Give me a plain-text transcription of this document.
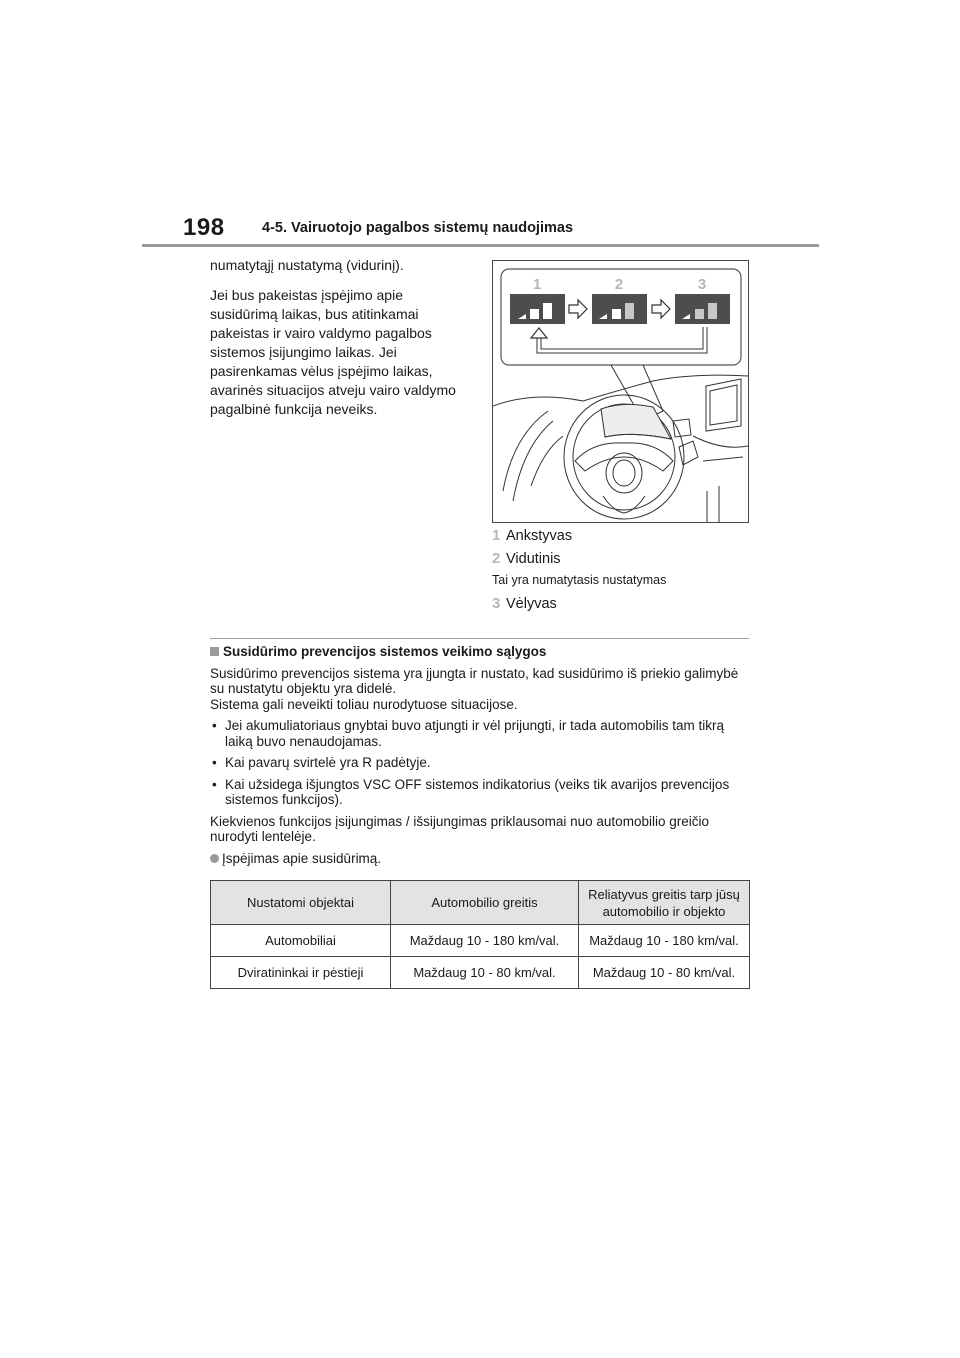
198	4-5. Vairuotojo pagalbos sistemų naudojimas

numatytąjį nustatymą (vidurinį).

Jei bus pakeistas įspėjimo apie susidūrimą laikas, bus atitinkamai pakeistas ir vairo valdymo pagalbos sistemos įsijungimo laikas. Jei pasirenkamas vėlus įspėjimo laikas, avarinės situacijos atveju vairo valdymo pagalbinė funkcija neveiks.

1	2	3
1 Ankstyvas
2 Vidutinis
Tai yra numatytasis nustatymas
3 Vėlyvas
Susidūrimo prevencijos sistemos veikimo sąlygos

Susidūrimo prevencijos sistema yra įjungta ir nustato, kad susidūrimo iš priekio galimybė su nustatytu objektu yra didelė.
Sistema gali neveikti toliau nurodytuose situacijose.

• Jei akumuliatoriaus gnybtai buvo atjungti ir vėl prijungti, ir tada automobilis tam tikrą laiką buvo nenaudojamas.
• Kai pavarų svirtelė yra R padėtyje.
• Kai užsidega išjungtos VSC OFF sistemos indikatorius (veiks tik avarijos prevencijos sistemos funkcijos).

Kiekvienos funkcijos įsijungimas / išsijungimas priklausomai nuo automobilio greičio nurodyti lentelėje.

Įspėjimas apie susidūrimą.
Nustatomi objektai	Automobilio greitis	Reliatyvus greitis tarp jūsų automobilio ir objekto
Automobiliai	Maždaug 10 - 180 km/val.	Maždaug 10 - 180 km/val.
Dviratininkai ir pėstieji	Maždaug 10 - 80 km/val.	Maždaug 10 - 80 km/val.
